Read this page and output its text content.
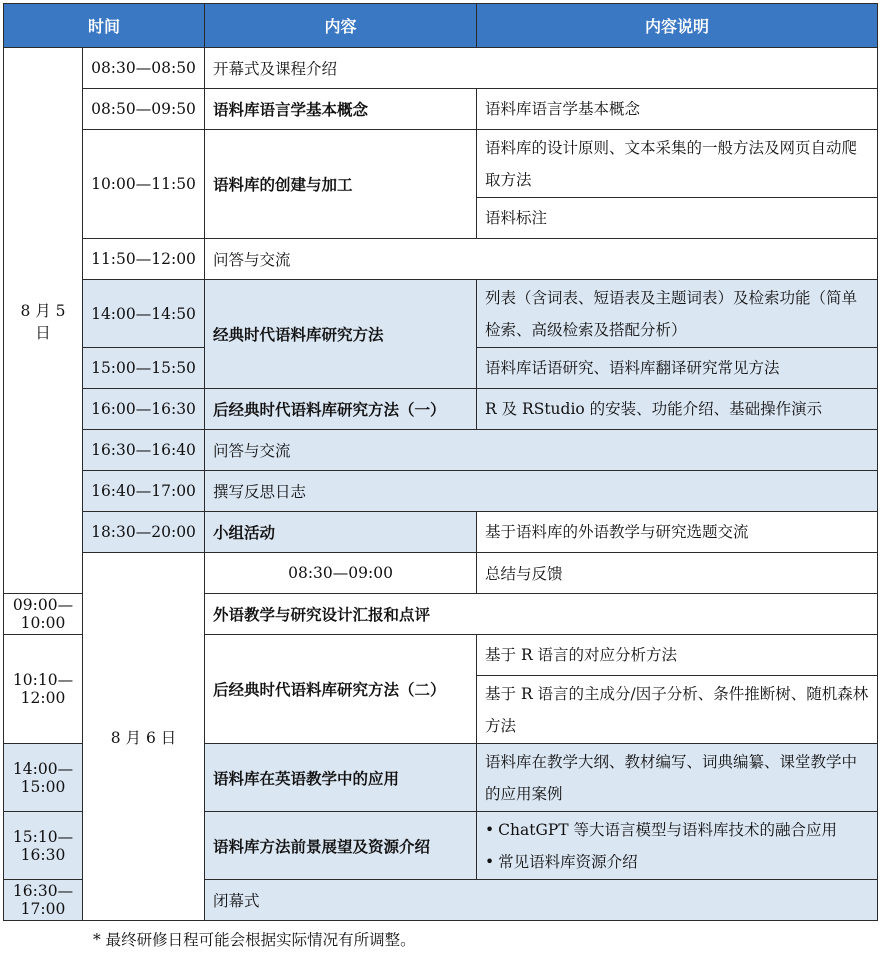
时间		内容	内容说明
8 月 5 日	08:30—08:50	开幕式及课程介绍	
	08:50—09:50	语料库语言学基本概念	语料库语言学基本概念
	10:00—11:50	语料库的创建与加工	语料库的设计原则、文本采集的一般方法及网页自动爬取方法
			语料标注
	11:50—12:00	问答与交流	
	14:00—14:50	经典时代语料库研究方法	列表（含词表、短语表及主题词表）及检索功能（简单检索、高级检索及搭配分析）
	15:00—15:50		语料库话语研究、语料库翻译研究常见方法
	16:00—16:30	后经典时代语料库研究方法（一）	R 及 RStudio 的安装、功能介绍、基础操作演示
	16:30—16:40	问答与交流	
	16:40—17:00	撰写反思日志	
	18:30—20:00	小组活动	基于语料库的外语教学与研究选题交流
	8 月 6 日	08:30—09:00	总结与反馈
09:00—10:00		外语教学与研究设计汇报和点评	
10:10—12:00		后经典时代语料库研究方法（二）	基于 R 语言的对应分析方法
			基于 R 语言的主成分/因子分析、条件推断树、随机森林方法
14:00—15:00		语料库在英语教学中的应用	语料库在教学大纲、教材编写、词典编纂、课堂教学中的应用案例
15:10—16:30		语料库方法前景展望及资源介绍	• ChatGPT 等大语言模型与语料库技术的融合应用
• 常见语料库资源介绍

16:30—17:00		闭幕式	
* 最终研修日程可能会根据实际情况有所调整。
